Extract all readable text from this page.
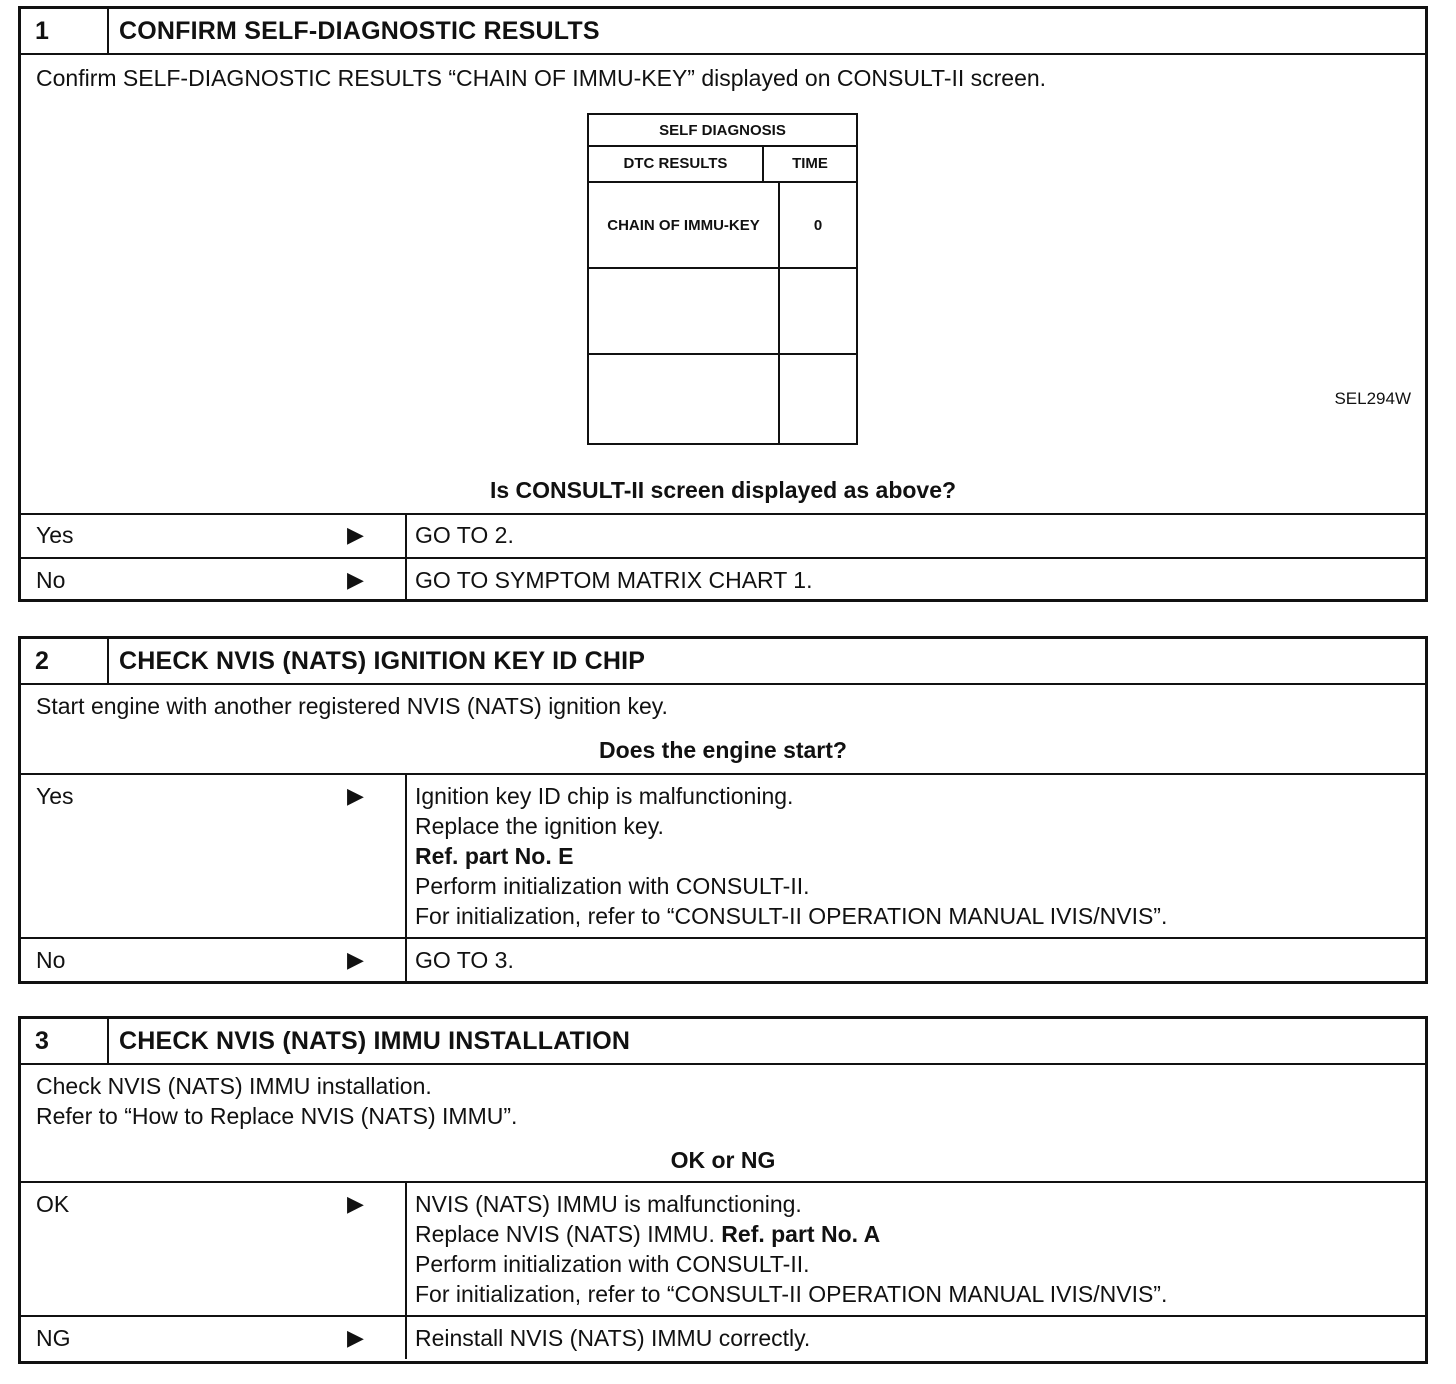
1	CONFIRM SELF-DIAGNOSTIC RESULTS
Confirm SELF-DIAGNOSTIC RESULTS “CHAIN OF IMMU-KEY” displayed on CONSULT-II screen.
SELF DIAGNOSIS
DTC RESULTS	TIME
CHAIN OF IMMU-KEY	0
SEL294W
Is CONSULT-II screen displayed as above?
Yes	▶	GO TO 2.
No	▶	GO TO SYMPTOM MATRIX CHART 1.
2	CHECK NVIS (NATS) IGNITION KEY ID CHIP
Start engine with another registered NVIS (NATS) ignition key.
Does the engine start?
Yes	▶ Ignition key ID chip is malfunctioning.
Replace the ignition key.
Ref. part No. E
Perform initialization with CONSULT-II.
For initialization, refer to “CONSULT-II OPERATION MANUAL IVIS/NVIS”.
No	▶	GO TO 3.
3	CHECK NVIS (NATS) IMMU INSTALLATION
Check NVIS (NATS) IMMU installation.
Refer to “How to Replace NVIS (NATS) IMMU”.
OK or NG
OK	▶ NVIS (NATS) IMMU is malfunctioning.
Replace NVIS (NATS) IMMU. Ref. part No. A
Perform initialization with CONSULT-II.
For initialization, refer to “CONSULT-II OPERATION MANUAL IVIS/NVIS”.
NG	▶	Reinstall NVIS (NATS) IMMU correctly.
